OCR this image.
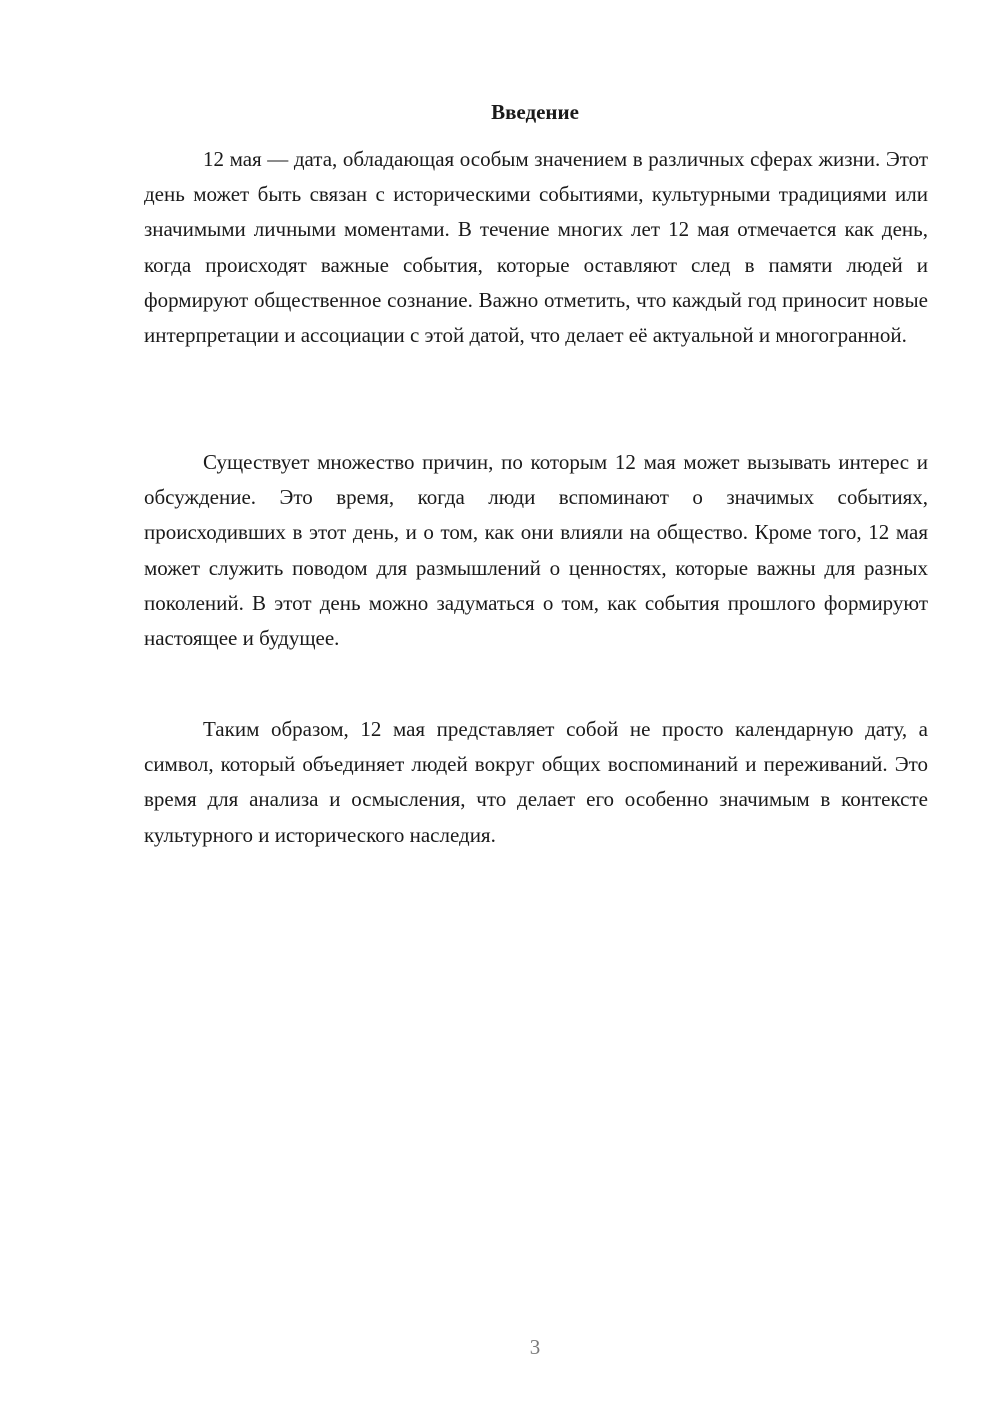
Введение

12 мая — дата, обладающая особым значением в различных сферах жизни. Этот день может быть связан с историческими событиями, культурными традициями или значимыми личными моментами. В течение многих лет 12 мая отмечается как день, когда происходят важные события, которые оставляют след в памяти людей и формируют общественное сознание. Важно отметить, что каждый год приносит новые интерпретации и ассоциации с этой датой, что делает её актуальной и многогранной.

Существует множество причин, по которым 12 мая может вызывать интерес и обсуждение. Это время, когда люди вспоминают о значимых событиях, происходивших в этот день, и о том, как они влияли на общество. Кроме того, 12 мая может служить поводом для размышлений о ценностях, которые важны для разных поколений. В этот день можно задуматься о том, как события прошлого формируют настоящее и будущее.

Таким образом, 12 мая представляет собой не просто календарную дату, а символ, который объединяет людей вокруг общих воспоминаний и переживаний. Это время для анализа и осмысления, что делает его особенно значимым в контексте культурного и исторического наследия.

3
